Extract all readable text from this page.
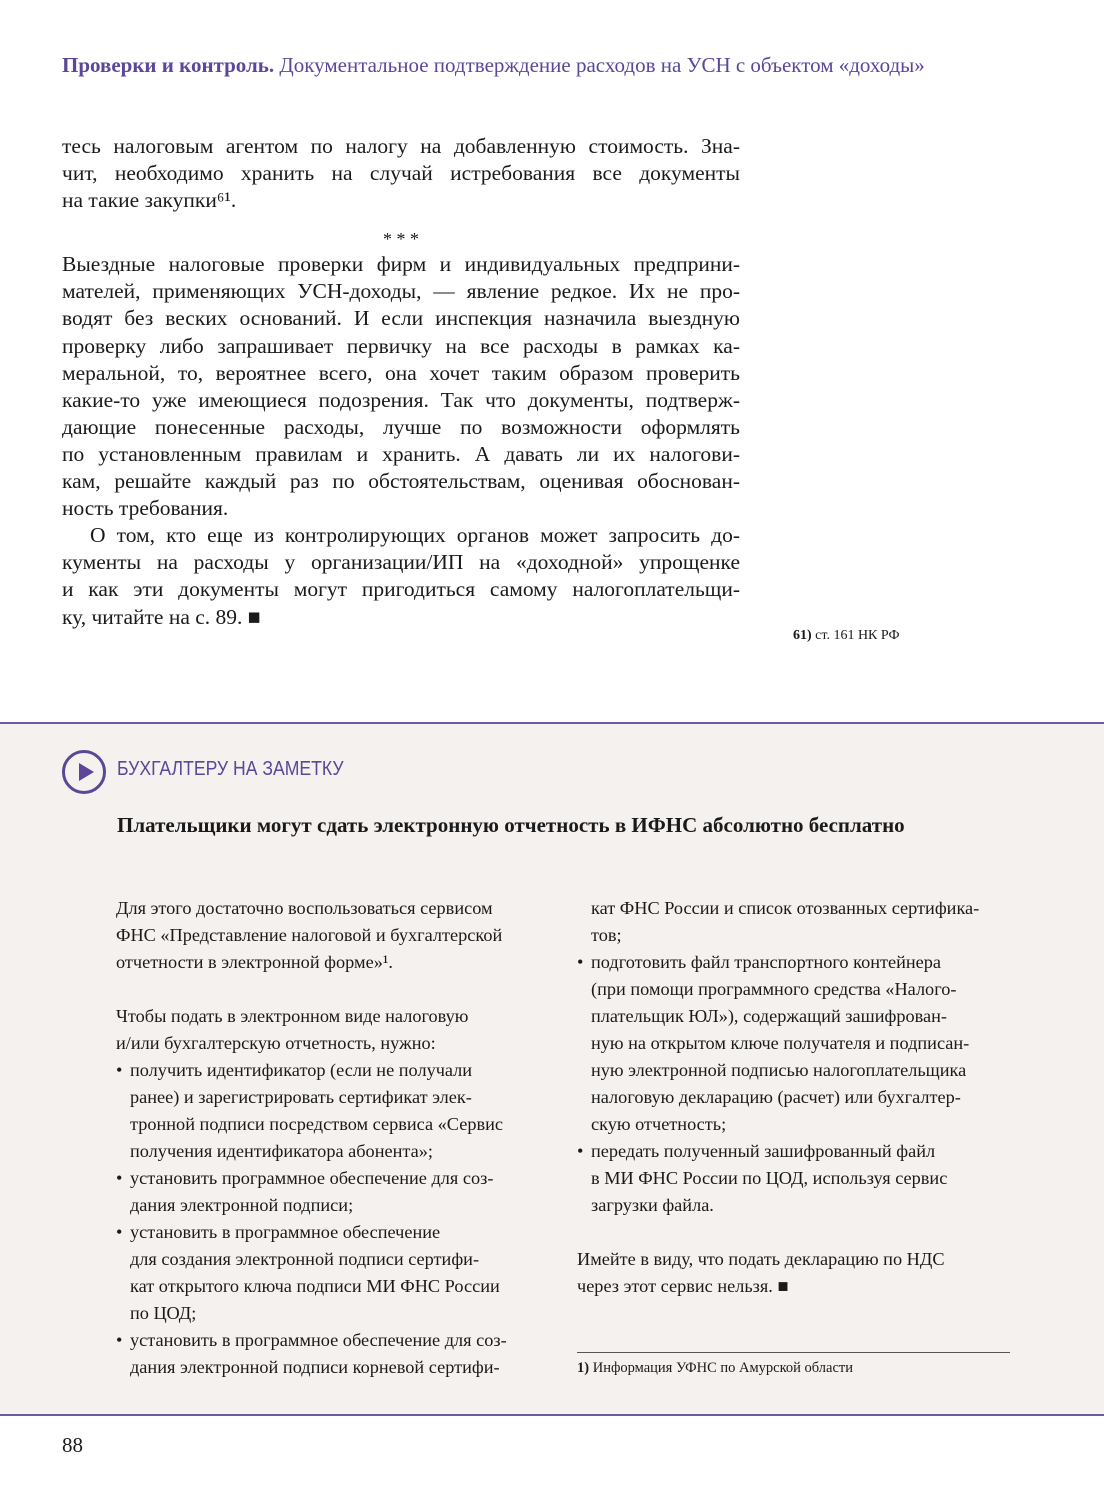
Проверки и контроль. Документальное подтверждение расходов на УСН с объектом «доходы»
тесь налоговым агентом по налогу на добавленную стоимость. Зна-
чит, необходимо хранить на случай истребования все документы
на такие закупки⁶¹.
* * *
Выездные налоговые проверки фирм и индивидуальных предприни-
мателей, применяющих УСН-доходы, — явление редкое. Их не про-
водят без веских оснований. И если инспекция назначила выездную
проверку либо запрашивает первичку на все расходы в рамках ка-
меральной, то, вероятнее всего, она хочет таким образом проверить
какие-то уже имеющиеся подозрения. Так что документы, подтверж-
дающие понесенные расходы, лучше по возможности оформлять
по установленным правилам и хранить. А давать ли их налогови-
кам, решайте каждый раз по обстоятельствам, оценивая обоснован-
ность требования.
О том, кто еще из контролирующих органов может запросить до-
кументы на расходы у организации/ИП на «доходной» упрощенке
и как эти документы могут пригодиться самому налогоплательщи-
ку, читайте на с. 89. ■
61) ст. 161 НК РФ
БУХГАЛТЕРУ НА ЗАМЕТКУ
Плательщики могут сдать электронную отчетность в ИФНС абсолютно бесплатно
Для этого достаточно воспользоваться сервисом
ФНС «Представление налоговой и бухгалтерской
отчетности в электронной форме»¹.
Чтобы подать в электронном виде налоговую
и/или бухгалтерскую отчетность, нужно:
• получить идентификатор (если не получали
ранее) и зарегистрировать сертификат элек-
тронной подписи посредством сервиса «Сервис
получения идентификатора абонента»;
• установить программное обеспечение для соз-
дания электронной подписи;
• установить в программное обеспечение
для создания электронной подписи сертифи-
кат открытого ключа подписи МИ ФНС России
по ЦОД;
• установить в программное обеспечение для соз-
дания электронной подписи корневой сертифи-
кат ФНС России и список отозванных сертифика-
тов;
• подготовить файл транспортного контейнера
(при помощи программного средства «Налого-
плательщик ЮЛ»), содержащий зашифрован-
ную на открытом ключе получателя и подписан-
ную электронной подписью налогоплательщика
налоговую декларацию (расчет) или бухгалтер-
скую отчетность;
• передать полученный зашифрованный файл
в МИ ФНС России по ЦОД, используя сервис
загрузки файла.
Имейте в виду, что подать декларацию по НДС
через этот сервис нельзя. ■
1) Информация УФНС по Амурской области
88
